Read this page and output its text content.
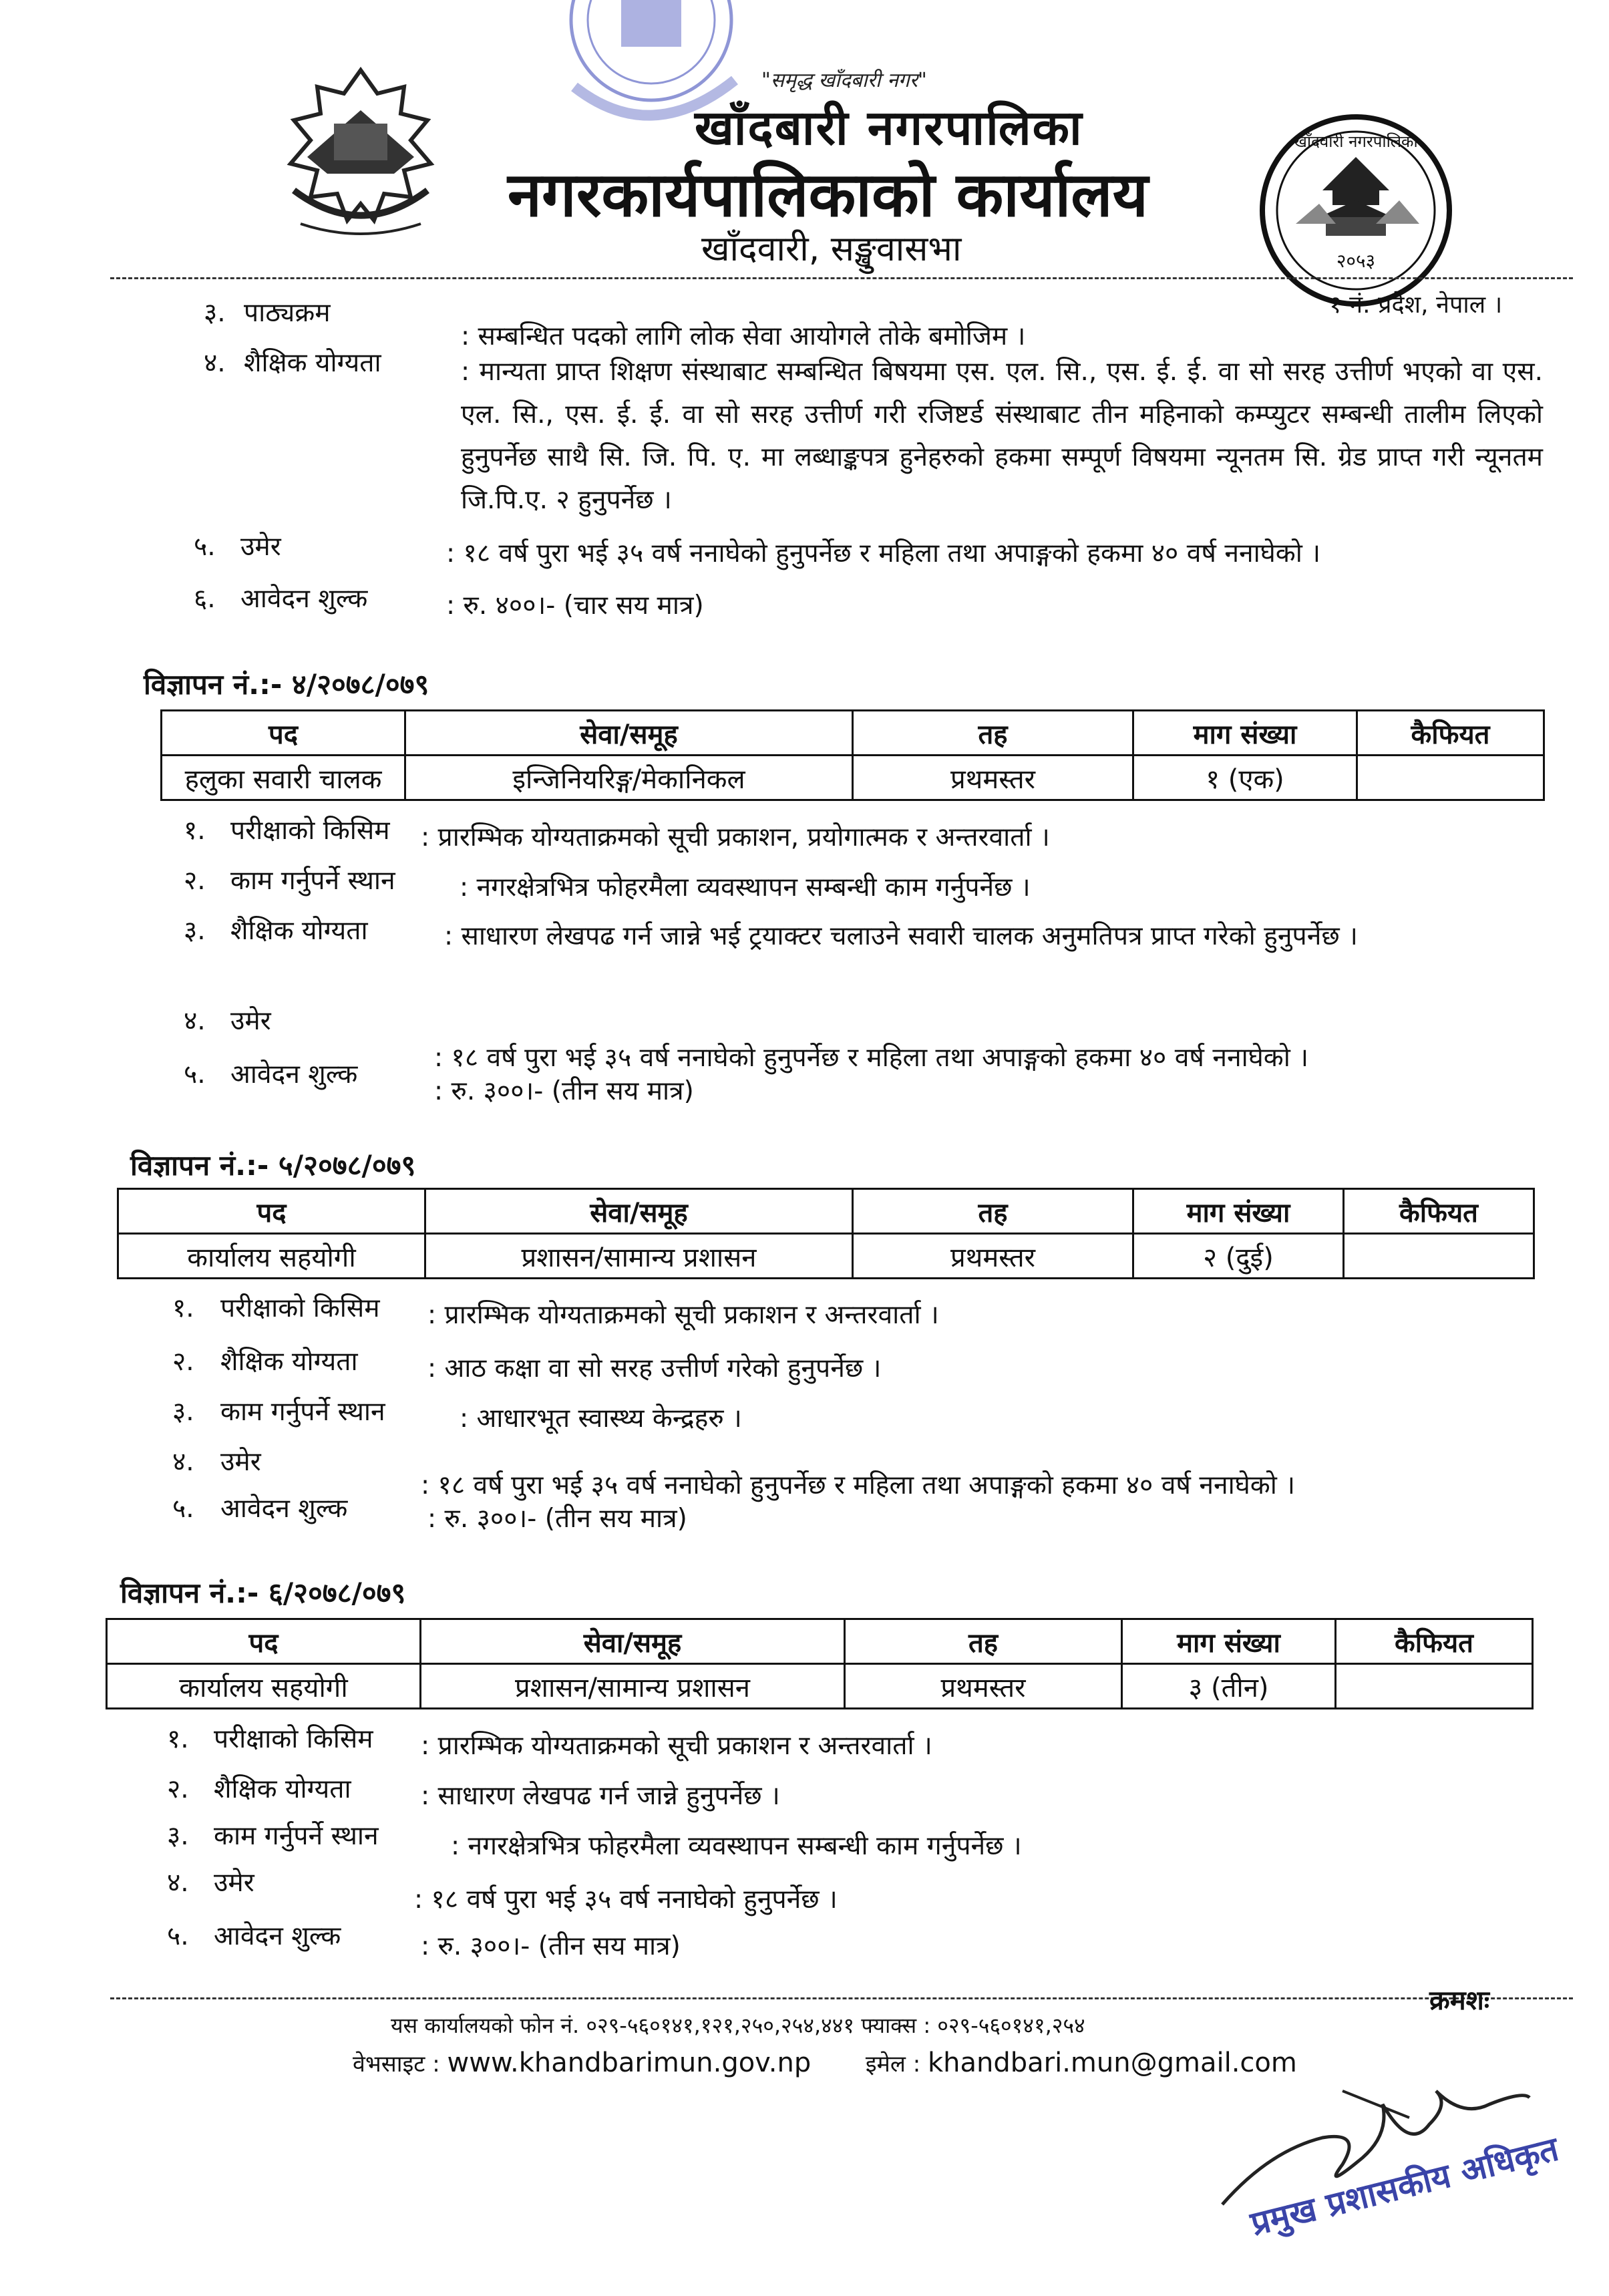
"समृद्ध खाँदबारी नगर"
खाँदबारी नगरपालिका
नगरकार्यपालिकाको कार्यालय
खाँदवारी, सङ्खुवासभा
खाँदवारी नगरपालिका
२०५३
१ नं. प्रदेश, नेपाल ।
३. पाठ्यक्रम
: सम्बन्धित पदको लागि लोक सेवा आयोगले तोके बमोजिम ।
४. शैक्षिक योग्यता	: मान्यता प्राप्त शिक्षण संस्थाबाट सम्बन्धित बिषयमा एस. एल. सि., एस. ई. ई. वा सो सरह उत्तीर्ण भएको वा एस. एल. सि., एस. ई. ई. वा सो सरह उत्तीर्ण गरी रजिष्टर्ड संस्थाबाट तीन महिनाको कम्प्युटर सम्बन्धी तालीम लिएको हुनुपर्नेछ साथै सि. जि. पि. ए. मा लब्धाङ्कपत्र हुनेहरुको हकमा सम्पूर्ण विषयमा न्यूनतम सि. ग्रेड प्राप्त गरी न्यूनतम जि.पि.ए. २ हुनुपर्नेछ ।
५. उमेर	: १८ वर्ष पुरा भई ३५ वर्ष ननाघेको हुनुपर्नेछ र महिला तथा अपाङ्गको हकमा ४० वर्ष ननाघेको ।
६. आवेदन शुल्क	: रु. ४००।- (चार सय मात्र)
विज्ञापन नं.:- ४/२०७८/०७९
पद	सेवा/समूह	तह	माग संख्या	कैफियत
हलुका सवारी चालक	इन्जिनियरिङ्ग/मेकानिकल	प्रथमस्तर	१ (एक)	
१. परीक्षाको किसिम : प्रारम्भिक योग्यताक्रमको सूची प्रकाशन, प्रयोगात्मक र अन्तरवार्ता ।
२. काम गर्नुपर्ने स्थान : नगरक्षेत्रभित्र फोहरमैला व्यवस्थापन सम्बन्धी काम गर्नुपर्नेछ ।
३. शैक्षिक योग्यता	: साधारण लेखपढ गर्न जान्ने भई ट्रयाक्टर चलाउने सवारी चालक अनुमतिपत्र प्राप्त गरेको हुनुपर्नेछ ।
४. उमेर
: १८ वर्ष पुरा भई ३५ वर्ष ननाघेको हुनुपर्नेछ र महिला तथा अपाङ्गको हकमा ४० वर्ष ननाघेको ।
५. आवेदन शुल्क
: रु. ३००।- (तीन सय मात्र)
विज्ञापन नं.:- ५/२०७८/०७९
पद	सेवा/समूह	तह	माग संख्या	कैफियत
कार्यालय सहयोगी	प्रशासन/सामान्य प्रशासन	प्रथमस्तर	२ (दुई)	
१. परीक्षाको किसिम : प्रारम्भिक योग्यताक्रमको सूची प्रकाशन र अन्तरवार्ता ।
२. शैक्षिक योग्यता	: आठ कक्षा वा सो सरह उत्तीर्ण गरेको हुनुपर्नेछ ।
३. काम गर्नुपर्ने स्थान	: आधारभूत स्वास्थ्य केन्द्रहरु ।
४. उमेर
: १८ वर्ष पुरा भई ३५ वर्ष ननाघेको हुनुपर्नेछ र महिला तथा अपाङ्गको हकमा ४० वर्ष ननाघेको ।
५. आवेदन शुल्क	: रु. ३००।- (तीन सय मात्र)
विज्ञापन नं.:- ६/२०७८/०७९
पद	सेवा/समूह	तह	माग संख्या	कैफियत
कार्यालय सहयोगी	प्रशासन/सामान्य प्रशासन	प्रथमस्तर	३ (तीन)	
१. परीक्षाको किसिम : प्रारम्भिक योग्यताक्रमको सूची प्रकाशन र अन्तरवार्ता ।
२. शैक्षिक योग्यता	: साधारण लेखपढ गर्न जान्ने हुनुपर्नेछ ।
३. काम गर्नुपर्ने स्थान	: नगरक्षेत्रभित्र फोहरमैला व्यवस्थापन सम्बन्धी काम गर्नुपर्नेछ ।
४. उमेर
: १८ वर्ष पुरा भई ३५ वर्ष ननाघेको हुनुपर्नेछ ।
५. आवेदन शुल्क	: रु. ३००।- (तीन सय मात्र)
क्रमशः
यस कार्यालयको फोन नं. ०२९-५६०१४१,१२१,२५०,२५४,४४१ फ्याक्स : ०२९-५६०१४१,२५४
वेभसाइट : www.khandbarimun.gov.np इमेल : khandbari.mun@gmail.com
प्रमुख प्रशासकीय अधिकृत
